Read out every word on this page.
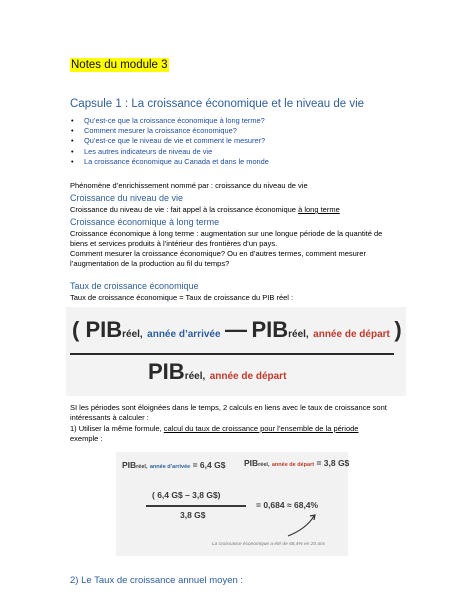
Notes du module 3
Capsule 1 : La croissance économique et le niveau de vie
• Qu’est-ce que la croissance économique à long terme?
• Comment mesurer la croissance économique?
• Qu’est-ce que le niveau de vie et comment le mesurer?
• Les autres indicateurs de niveau de vie
• La croissance économique au Canada et dans le monde
Phénomène d’enrichissement nommé par : croissance du niveau de vie
Croissance du niveau de vie
Croissance du niveau de vie : fait appel à la croissance économique à long terme
Croissance économique à long terme
Croissance économique à long terme : augmentation sur une longue période de la quantité de
biens et services produits à l’intérieur des frontières d’un pays.
Comment mesurer la croissance économique? Ou en d’autres termes, comment mesurer
l’augmentation de la production au fil du temps?
Taux de croissance économique
Taux de croissance économique = Taux de croissance du PIB réel :
( PIBréel, année d’arrivée — PIBréel, année de départ )
PIBréel, année de départ
SI les périodes sont éloignées dans le temps, 2 calculs en liens avec le taux de croissance sont
intéressants à calculer :
1) Utiliser la même formule, calcul du taux de croissance pour l’ensemble de la période
exemple :
PIBréel, année d’arrivée = 6,4 G$ PIBréel, année de départ = 3,8 G$
( 6,4 G$ – 3,8 G$)
3,8 G$
= 0,684 ≈ 68,4%
La croissance économique a été de 68,4% en 20 ans
2) Le Taux de croissance annuel moyen :
